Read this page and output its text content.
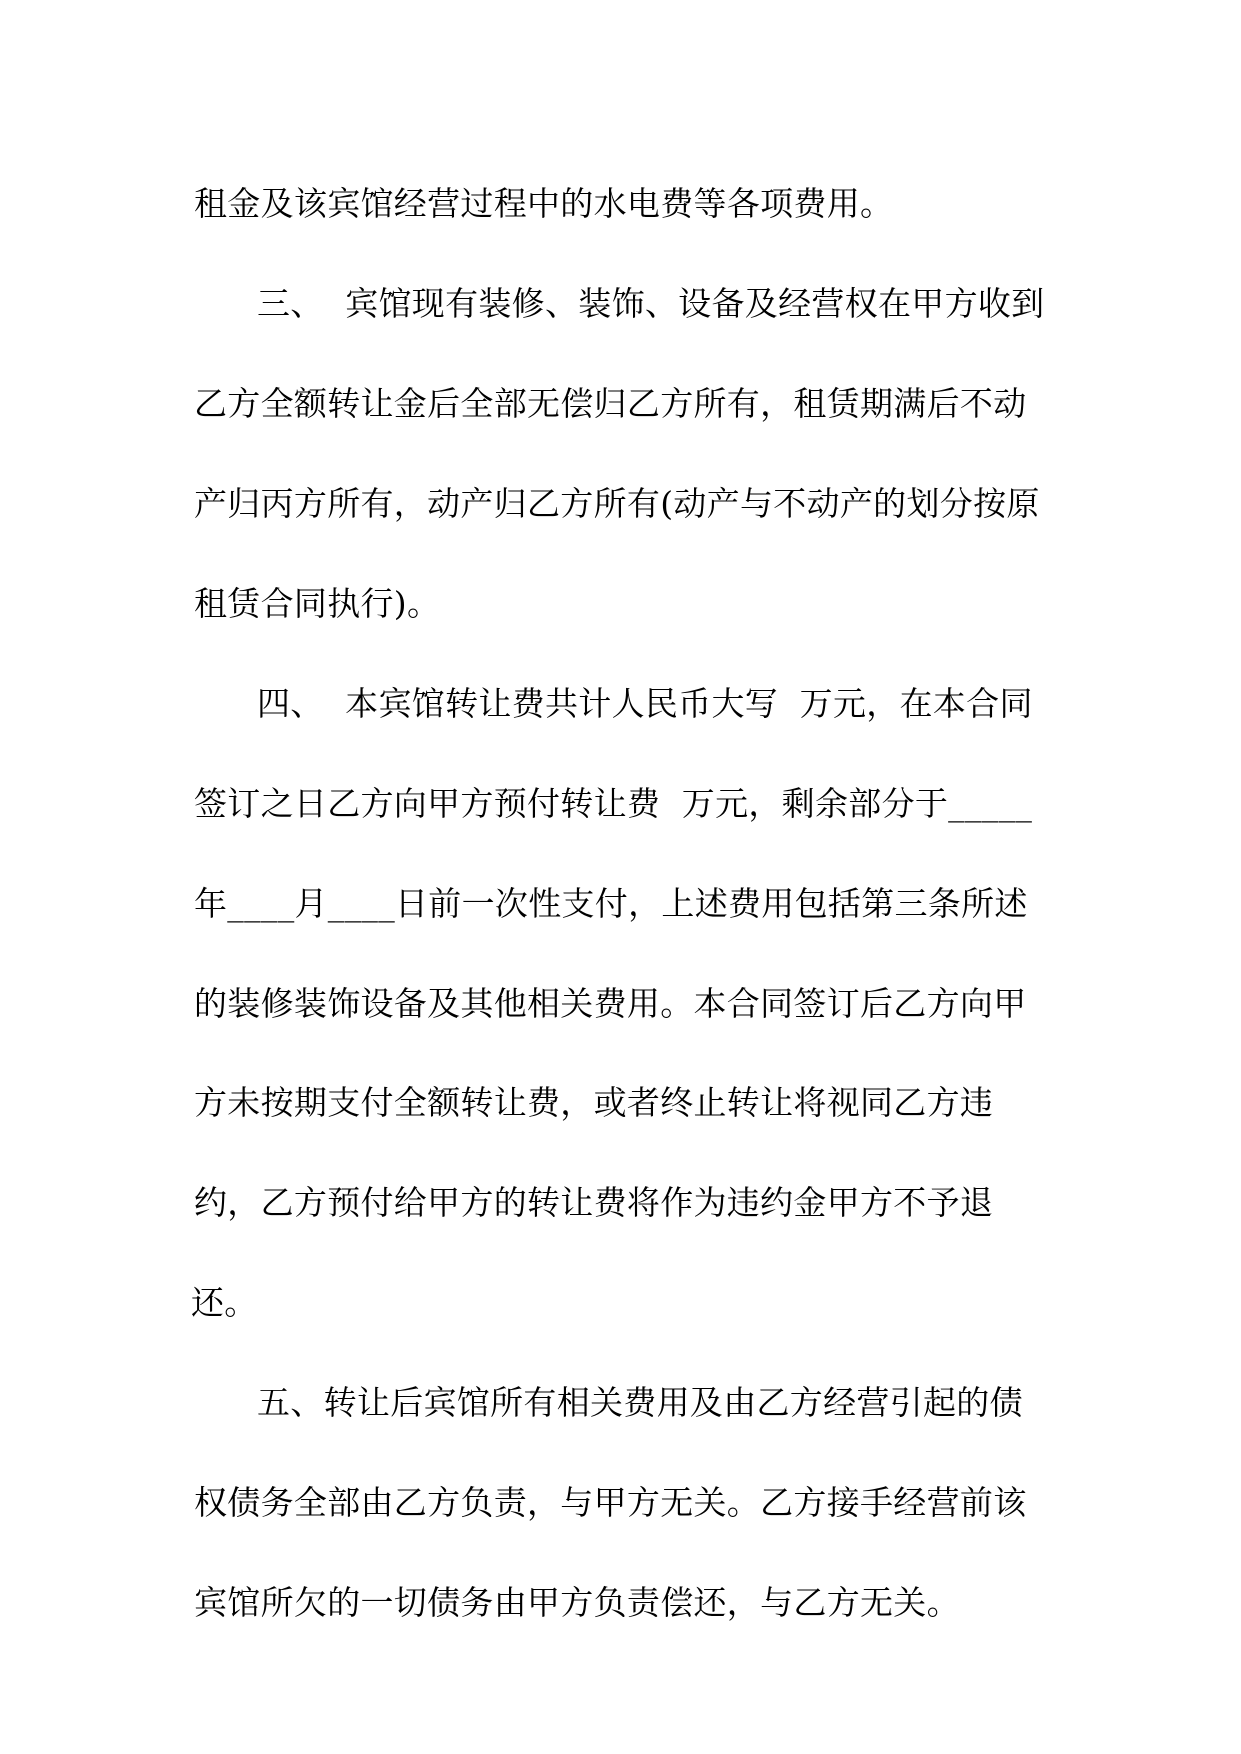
租金及该宾馆经营过程中的水电费等各项费用。
三、  宾馆现有装修、装饰、设备及经营权在甲方收到
乙方全额转让金后全部无偿归乙方所有，租赁期满后不动
产归丙方所有，动产归乙方所有(动产与不动产的划分按原
租赁合同执行)。
四、  本宾馆转让费共计人民币大写  万元，在本合同
签订之日乙方向甲方预付转让费  万元，剩余部分于_____
年____月____日前一次性支付，上述费用包括第三条所述
的装修装饰设备及其他相关费用。本合同签订后乙方向甲
方未按期支付全额转让费，或者终止转让将视同乙方违
约，乙方预付给甲方的转让费将作为违约金甲方不予退
还。
五、转让后宾馆所有相关费用及由乙方经营引起的债
权债务全部由乙方负责，与甲方无关。乙方接手经营前该
宾馆所欠的一切债务由甲方负责偿还，与乙方无关。
